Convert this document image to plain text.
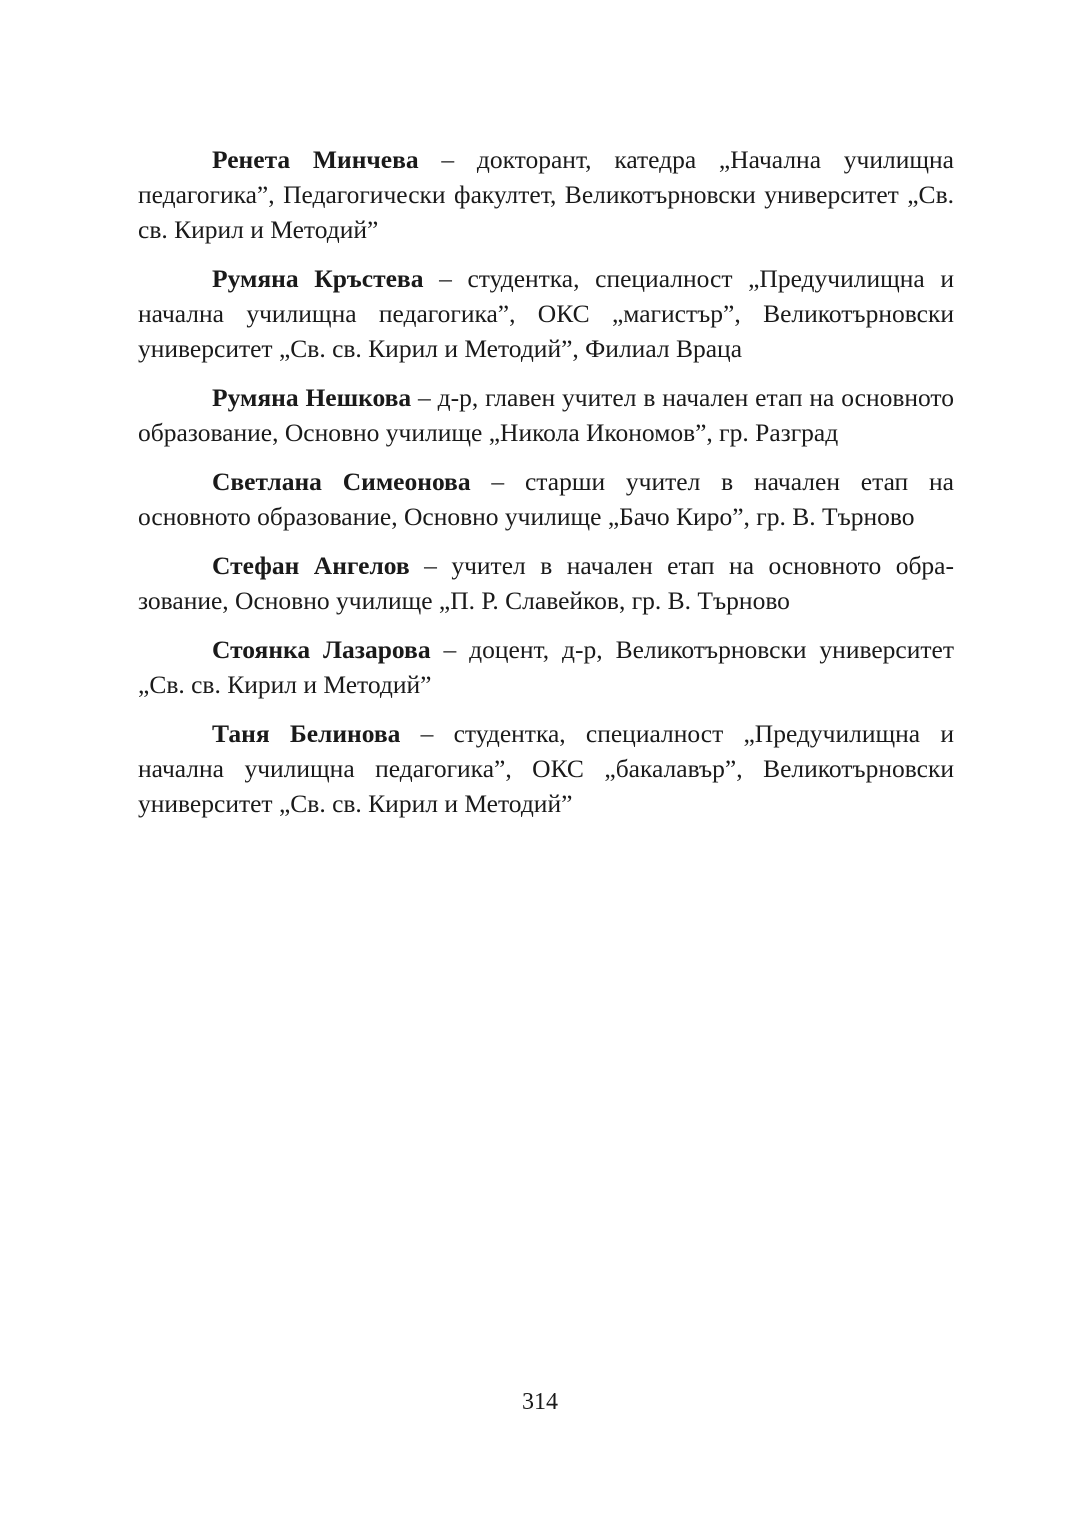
Ренета Минчева – докторант, катедра „Начална училищна педагогика”, Педагогически факултет, Великотърновски университет „Св. св. Кирил и Методий”

Румяна Кръстева – студентка, специалност „Предучилищна и начална училищна педагогика”, ОКС „магистър”, Великотърновски университет „Св. св. Кирил и Методий”, Филиал Враца

Румяна Нешкова – д-р, главен учител в начален етап на основното образование, Основно училище „Никола Икономов”, гр. Разград

Светлана Симеонова – старши учител в начален етап на основното образование, Основно училище „Бачо Киро”, гр. В. Търново

Стефан Ангелов – учител в начален етап на основното образование, Основно училище „П. Р. Славейков, гр. В. Търново

Стоянка Лазарова – доцент, д-р, Великотърновски университет „Св. св. Кирил и Методий”

Таня Белинова – студентка, специалност „Предучилищна и начална училищна педагогика”, ОКС „бакалавър”, Великотърновски университет „Св. св. Кирил и Методий”

314
